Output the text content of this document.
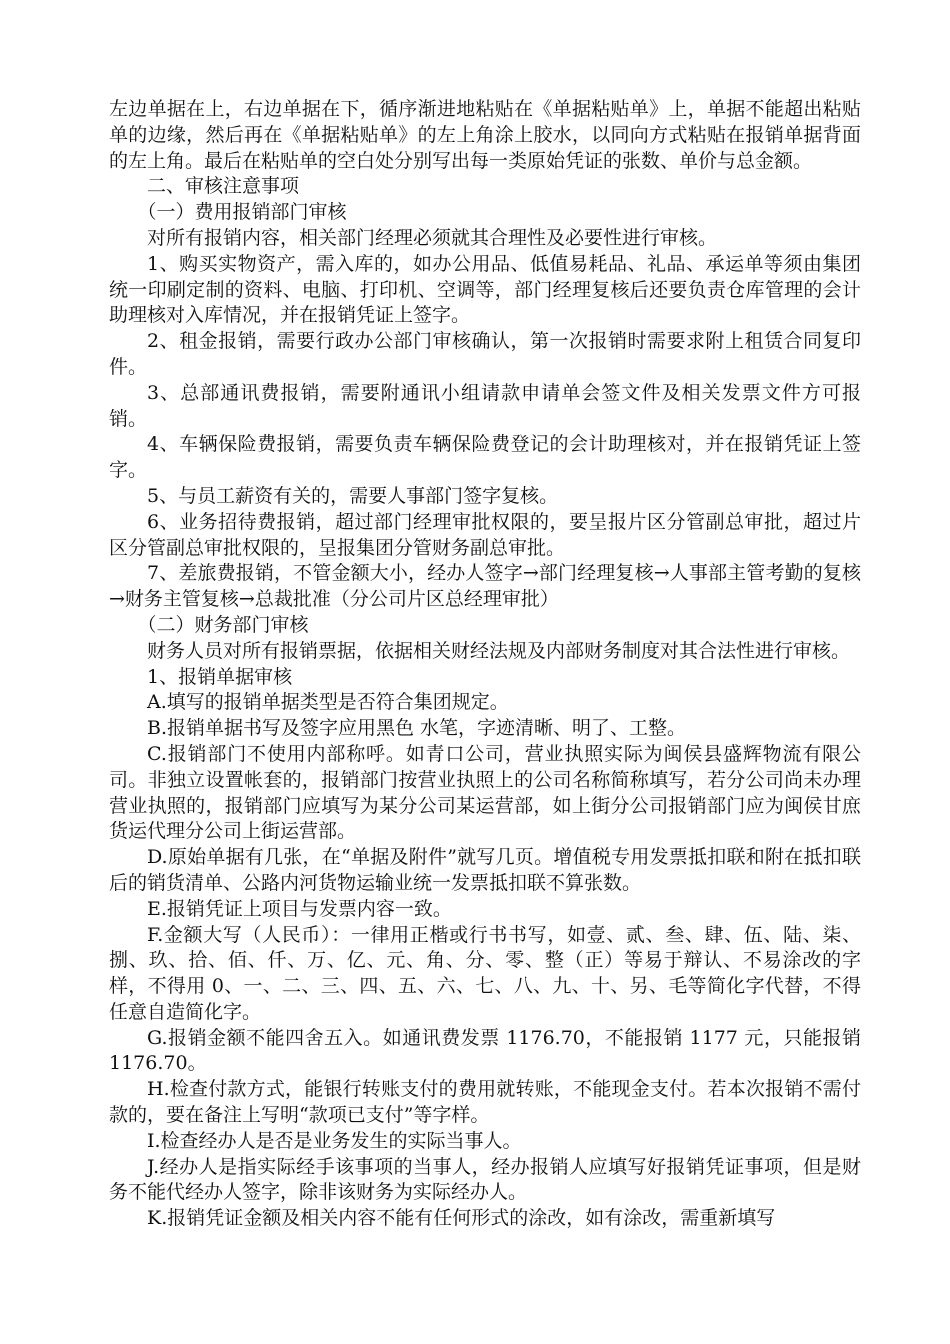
左边单据在上，右边单据在下，循序渐进地粘贴在《单据粘贴单》上，单据不能超出粘贴单的边缘，然后再在《单据粘贴单》的左上角涂上胶水，以同向方式粘贴在报销单据背面的左上角。最后在粘贴单的空白处分别写出每一类原始凭证的张数、单价与总金额。

二、审核注意事项

（一）费用报销部门审核

对所有报销内容，相关部门经理必须就其合理性及必要性进行审核。

1、购买实物资产，需入库的，如办公用品、低值易耗品、礼品、承运单等须由集团统一印刷定制的资料、电脑、打印机、空调等，部门经理复核后还要负责仓库管理的会计助理核对入库情况，并在报销凭证上签字。

2、租金报销，需要行政办公部门审核确认，第一次报销时需要求附上租赁合同复印件。

3、总部通讯费报销，需要附通讯小组请款申请单会签文件及相关发票文件方可报销。

4、车辆保险费报销，需要负责车辆保险费登记的会计助理核对，并在报销凭证上签字。

5、与员工薪资有关的，需要人事部门签字复核。

6、业务招待费报销，超过部门经理审批权限的，要呈报片区分管副总审批，超过片区分管副总审批权限的，呈报集团分管财务副总审批。

7、差旅费报销，不管金额大小，经办人签字→部门经理复核→人事部主管考勤的复核→财务主管复核→总裁批准（分公司片区总经理审批）

（二）财务部门审核

财务人员对所有报销票据，依据相关财经法规及内部财务制度对其合法性进行审核。

1、报销单据审核

A.填写的报销单据类型是否符合集团规定。

B.报销单据书写及签字应用黑色 水笔，字迹清晰、明了、工整。

C.报销部门不使用内部称呼。如青口公司，营业执照实际为闽侯县盛辉物流有限公司。非独立设置帐套的，报销部门按营业执照上的公司名称简称填写，若分公司尚未办理营业执照的，报销部门应填写为某分公司某运营部，如上街分公司报销部门应为闽侯甘庶货运代理分公司上街运营部。

D.原始单据有几张，在“单据及附件”就写几页。增值税专用发票抵扣联和附在抵扣联后的销货清单、公路内河货物运输业统一发票抵扣联不算张数。

E.报销凭证上项目与发票内容一致。

F.金额大写（人民币）：一律用正楷或行书书写，如壹、贰、叁、肆、伍、陆、柒、捌、玖、拾、佰、仟、万、亿、元、角、分、零、整（正）等易于辩认、不易涂改的字样，不得用 0、一、二、三、四、五、六、七、八、九、十、另、毛等简化字代替，不得任意自造简化字。

G.报销金额不能四舍五入。如通讯费发票 1176.70，不能报销 1177 元，只能报销 1176.70。

H.检查付款方式，能银行转账支付的费用就转账，不能现金支付。若本次报销不需付款的，要在备注上写明“款项已支付”等字样。

I.检查经办人是否是业务发生的实际当事人。

J.经办人是指实际经手该事项的当事人，经办报销人应填写好报销凭证事项，但是财务不能代经办人签字，除非该财务为实际经办人。

K.报销凭证金额及相关内容不能有任何形式的涂改，如有涂改，需重新填写
